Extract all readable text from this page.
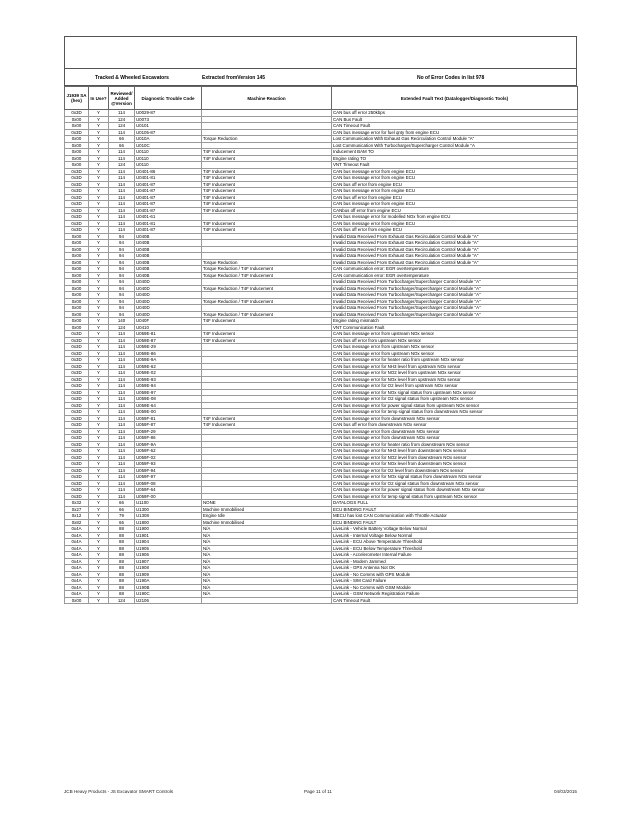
Tracked & Wheeled Excavators	Extracted fromVersion 145	No of Error Codes in list 978
J1939 SA (hex)	In Use?	Reviewed/ Added @Version	Diagnostic Trouble Code	Machine Reaction	Extended Fault Text (Datalogger/Diagnostic Tools)
0x3D	Y	114	U0029-87		CAN bus off error 250kbps
0x00	Y	124	U0073		CAN Bus Fault
0x00	Y	124	U0101		CAN Timeout Fault
0x3D	Y	114	U0105-87		CAN bus message error for fuel qnty from engine ECU
0x00	Y	66	U010A	Torque Reduction	Lost Communication With Exhaust Gas Recirculation Control Module "A"
0x00	Y	66	U010C		Lost Communication With Turbocharger/Supercharger Control Module "A
0x00	Y	114	U0110	T4F Inducement	Inducement BAM TO
0x00	Y	114	U0110	T4F Inducement	Engine rating TO
0x00	Y	124	U0110		VNT Timeout Fault
0x3D	Y	114	U0401-86	T4F Inducement	CAN bus message error from engine ECU
0x3D	Y	114	U0401-81	T4F Inducement	CAN bus message error from engine ECU
0x3D	Y	114	U0401-87	T4F Inducement	CAN bus off error from engine ECU
0x3D	Y	114	U0401-87	T4F Inducement	CAN bus message error from engine ECU
0x3D	Y	114	U0401-87	T4F Inducement	CAN bus off error from engine ECU
0x3D	Y	114	U0401-87	T4F Inducement	CAN bus message error from engine ECU
0x3D	Y	114	U0401-87	T4F Inducement	CANbus off error from engine ECU
0x3D	Y	114	U0401-61		CAN bus message error for modelled NOx from engine ECU
0x3D	Y	114	U0401-81	T4F Inducement	CAN bus message error from engine ECU
0x3D	Y	114	U0401-87	T4F Inducement	CAN bus off error from engine ECU
0x00	Y	94	U040B		Invalid Data Received From Exhaust Gas Recirculation Control Module "A"
0x00	Y	94	U040B		Invalid Data Received From Exhaust Gas Recirculation Control Module "A"
0x00	Y	94	U040B		Invalid Data Received From Exhaust Gas Recirculation Control Module "A"
0x00	Y	94	U040B		Invalid Data Received From Exhaust Gas Recirculation Control Module "A"
0x00	Y	94	U040B	Torque Reduction	Invalid Data Received From Exhaust Gas Recirculation Control Module "A"
0x00	Y	94	U040B	Torque Reduction / T4F Inducement	CAN communication error: EGR overtemperature
0x00	Y	94	U040B	Torque Reduction / T4F Inducement	CAN communication error: EGR overtemperature
0x00	Y	94	U040D		Invalid Data Received From Turbocharger/Supercharger Control Module "A"
0x00	Y	94	U040D	Torque Reduction / T4F Inducement	Invalid Data Received From Turbocharger/Supercharger Control Module "A"
0x00	Y	94	U040D		Invalid Data Received From Turbocharger/Supercharger Control Module "A"
0x00	Y	94	U040D	Torque Reduction / T4F Inducement	Invalid Data Received From Turbocharger/Supercharger Control Module "A"
0x00	Y	94	U040D		Invalid Data Received From Turbocharger/Supercharger Control Module "A"
0x00	Y	94	U040D	Torque Reduction / T4F Inducement	Invalid Data Received From Turbocharger/Supercharger Control Module "A"
0x00	Y	140	U040F	T4F Inducement	Engine rating mismatch
0x00	Y	124	U0410		VNT Communication Fault
0x3D	Y	114	U059E-81	T4F Inducement	CAN bus message error from upstream NOx sensor
0x3D	Y	114	U059E-87	T4F Inducement	CAN bus off error from upstream NOx sensor
0x3D	Y	114	U059E-29		CAN bus message error from upstream NOx sensor
0x3D	Y	114	U059E-86		CAN bus message error from upstream NOx sensor
0x3D	Y	114	U059E-9A		CAN bus message error for heater ratio from upstream NOx sensor
0x3D	Y	114	U059E-62		CAN bus message error for NH3 level from upstream NOx sensor
0x3D	Y	114	U059E-02		CAN bus message error for NO2 level from upstream NOx sensor
0x3D	Y	114	U059E-93		CAN bus message error for NOx level from upstream NOx sensor
0x3D	Y	114	U059E-94		CAN bus message error for O2 level from upstream NOx sensor
0x3D	Y	114	U059E-97		CAN bus message error for NOx signal status from upstream NOx sensor
0x3D	Y	114	U059E-08		CAN bus message error for O2 signal status from upstream NOx sensor
0x3D	Y	114	U059E-64		CAN bus message error for power signal status from upstream NOx sensor
0x3D	Y	114	U059E-00		CAN bus message error for temp signal status from downstream NOx sensor
0x3D	Y	114	U059F-81	T4F Inducement	CAN bus message error from downstream NOx sensor
0x3D	Y	114	U059F-87	T4F Inducement	CAN bus off error from downstream NOx sensor
0x3D	Y	114	U059F-29		CAN bus message error from downstream NOx sensor
0x3D	Y	114	U059F-86		CAN bus message error from downstream NOx sensor
0x3D	Y	114	U059F-9A		CAN bus message error for heater ratio from downstream NOx sensor
0x3D	Y	114	U059F-62		CAN bus message error for NH3 level from downstream NOx sensor
0x3D	Y	114	U059F-02		CAN bus message error for NO2 level from downstream NOx sensor
0x3D	Y	114	U059F-93		CAN bus message error for NOx level from downstream NOx sensor
0x3D	Y	114	U059F-94		CAN bus message error for O2 level from downstream NOx sensor
0x3D	Y	114	U059F-97		CAN bus message error for NOx signal status from downstream NOx sensor
0x3D	Y	114	U059F-08		CAN bus message error for O2 signal status from downstream NOx sensor
0x3D	Y	114	U059F-64		CAN bus message error for power signal status from downstream NOx sensor
0x3D	Y	114	U059F-00		CAN bus message error for temp signal status from upstream NOx sensor
0x32	Y	66	U1100	NONE	DATALOGS FULL
0x27	Y	66	U1300	Machine Immobilised	ECU BINDING FAULT
0x12	Y	79	U1308	Engine Idle	MECU has lost CAN Communication with Throttle Actuator
0x82	Y	66	U1800	Machine Immobilised	ECU BINDING FAULT
0x4A	Y	88	U1900	N/A	LiveLink - Vehicle Battery Voltage Below Normal
0x4A	Y	88	U1901	N/A	LiveLink - Internal Voltage Below Normal
0x4A	Y	88	U1904	N/A	LiveLink - ECU Above Temperature Threshold
0x4A	Y	88	U1905	N/A	LiveLink - ECU Below Temperature Threshold
0x4A	Y	88	U1906	N/A	LiveLink - Accelerometer Internal Failure
0x4A	Y	88	U1907	N/A	LiveLink - Modem Jammed
0x4A	Y	88	U1908	N/A	LiveLink - GPS Antenna Not OK
0x4A	Y	88	U1909	N/A	LiveLink - No Comms with GPS Module
0x4A	Y	88	U190A	N/A	LiveLink - SIM Card Failure
0x4A	Y	88	U190B	N/A	LiveLink - No Comms with GSM Module
0x4A	Y	88	U190C	N/A	LiveLink - GSM Network Registration Failure
0x00	Y	124	U2106		CAN Timeout Fault
JCB Heavy Products - JS Excavator SMART Controls	Page 11 of 11	04/03/2015
